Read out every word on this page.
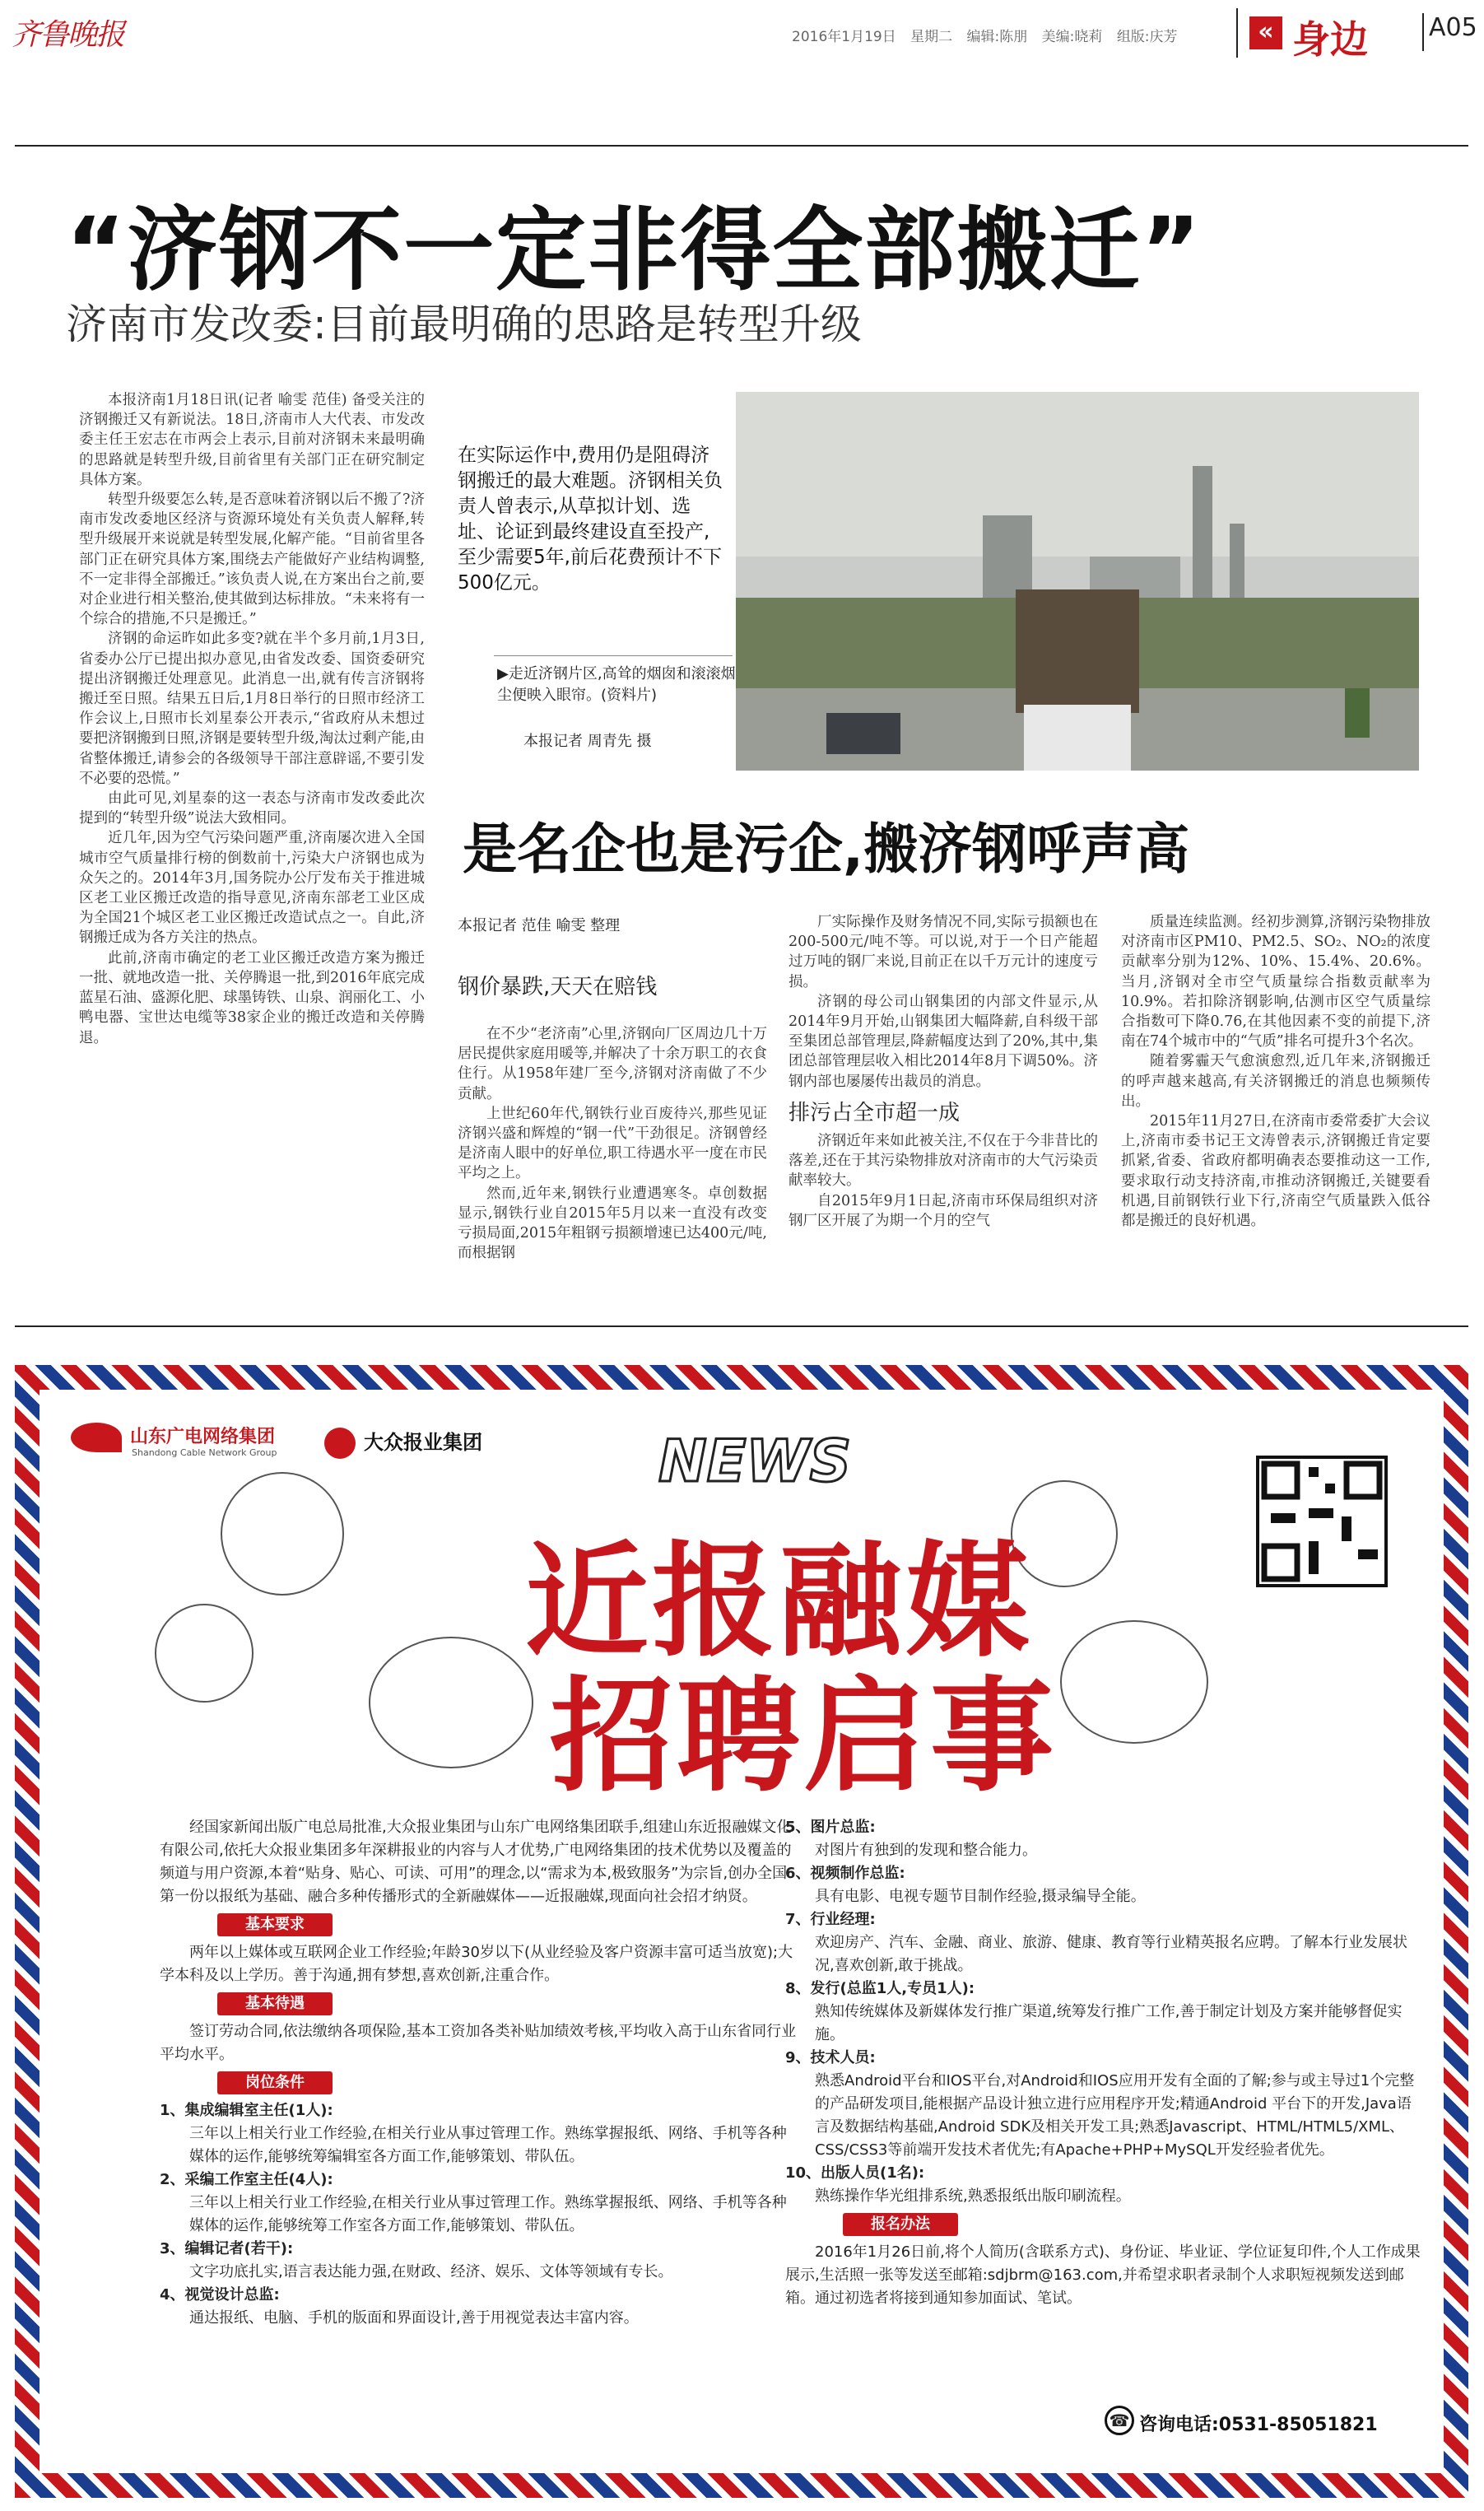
齐鲁晚报	2016年1月19日 星期二 编辑:陈朋 美编:晓莉 组版:庆芳	« 身边 A05
“济钢不一定非得全部搬迁”
济南市发改委:目前最明确的思路是转型升级

本报济南1月18日讯(记者 喻雯 范佳) 备受关注的济钢搬迁又有新说法。18日,济南市人大代表、市发改委主任王宏志在市两会上表示,目前对济钢未来最明确的思路就是转型升级,目前省里有关部门正在研究制定具体方案。

转型升级要怎么转,是否意味着济钢以后不搬了?济南市发改委地区经济与资源环境处有关负责人解释,转型升级展开来说就是转型发展,化解产能。“目前省里各部门正在研究具体方案,围绕去产能做好产业结构调整,不一定非得全部搬迁。”该负责人说,在方案出台之前,要对企业进行相关整治,使其做到达标排放。“未来将有一个综合的措施,不只是搬迁。”

济钢的命运昨如此多变?就在半个多月前,1月3日,省委办公厅已提出拟办意见,由省发改委、国资委研究提出济钢搬迁处理意见。此消息一出,就有传言济钢将搬迁至日照。结果五日后,1月8日举行的日照市经济工作会议上,日照市长刘星泰公开表示,“省政府从未想过要把济钢搬到日照,济钢是要转型升级,淘汰过剩产能,由省整体搬迁,请参会的各级领导干部注意辟谣,不要引发不必要的恐慌。”

由此可见,刘星泰的这一表态与济南市发改委此次提到的“转型升级”说法大致相同。

近几年,因为空气污染问题严重,济南屡次进入全国城市空气质量排行榜的倒数前十,污染大户济钢也成为众矢之的。2014年3月,国务院办公厅发布关于推进城区老工业区搬迁改造的指导意见,济南东部老工业区成为全国21个城区老工业区搬迁改造试点之一。自此,济钢搬迁成为各方关注的热点。

此前,济南市确定的老工业区搬迁改造方案为搬迁一批、就地改造一批、关停腾退一批,到2016年底完成蓝星石油、盛源化肥、球墨铸铁、山泉、润丽化工、小鸭电器、宝世达电缆等38家企业的搬迁改造和关停腾退。

在实际运作中,费用仍是阻碍济钢搬迁的最大难题。济钢相关负责人曾表示,从草拟计划、选址、论证到最终建设直至投产,至少需要5年,前后花费预计不下500亿元。
▶走近济钢片区,高耸的烟囱和滚滚烟尘便映入眼帘。(资料片)
本报记者 周青先 摄
是名企也是污企,搬济钢呼声高
本报记者 范佳 喻雯 整理
钢价暴跌,天天在赔钱

在不少“老济南”心里,济钢向厂区周边几十万居民提供家庭用暖等,并解决了十余万职工的衣食住行。从1958年建厂至今,济钢对济南做了不少贡献。

上世纪60年代,钢铁行业百废待兴,那些见证济钢兴盛和辉煌的“钢一代”干劲很足。济钢曾经是济南人眼中的好单位,职工待遇水平一度在市民平均之上。

然而,近年来,钢铁行业遭遇寒冬。卓创数据显示,钢铁行业自2015年5月以来一直没有改变亏损局面,2015年粗钢亏损额增速已达400元/吨,而根据钢

厂实际操作及财务情况不同,实际亏损额也在200-500元/吨不等。可以说,对于一个日产能超过万吨的钢厂来说,目前正在以千万元计的速度亏损。

济钢的母公司山钢集团的内部文件显示,从2014年9月开始,山钢集团大幅降薪,自科级干部至集团总部管理层,降薪幅度达到了20%,其中,集团总部管理层收入相比2014年8月下调50%。济钢内部也屡屡传出裁员的消息。

排污占全市超一成

济钢近年来如此被关注,不仅在于今非昔比的落差,还在于其污染物排放对济南市的大气污染贡献率较大。

自2015年9月1日起,济南市环保局组织对济钢厂区开展了为期一个月的空气

质量连续监测。经初步测算,济钢污染物排放对济南市区PM10、PM2.5、SO₂、NO₂的浓度贡献率分别为12%、10%、15.4%、20.6%。当月,济钢对全市空气质量综合指数贡献率为10.9%。若扣除济钢影响,估测市区空气质量综合指数可下降0.76,在其他因素不变的前提下,济南在74个城市中的“气质”排名可提升3个名次。

随着雾霾天气愈演愈烈,近几年来,济钢搬迁的呼声越来越高,有关济钢搬迁的消息也频频传出。

2015年11月27日,在济南市委常委扩大会议上,济南市委书记王文涛曾表示,济钢搬迁肯定要抓紧,省委、省政府都明确表态要推动这一工作,要求取行动支持济南,市推动济钢搬迁,关键要看机遇,目前钢铁行业下行,济南空气质量跌入低谷都是搬迁的良好机遇。

山东广电网络集团
Shandong Cable Network Group	大众报业集团	NEWS
近报融媒
招聘启事

经国家新闻出版广电总局批准,大众报业集团与山东广电网络集团联手,组建山东近报融媒文化有限公司,依托大众报业集团多年深耕报业的内容与人才优势,广电网络集团的技术优势以及覆盖的频道与用户资源,本着“贴身、贴心、可读、可用”的理念,以“需求为本,极致服务”为宗旨,创办全国第一份以报纸为基础、融合多种传播形式的全新融媒体——近报融媒,现面向社会招才纳贤。

基本要求

两年以上媒体或互联网企业工作经验;年龄30岁以下(从业经验及客户资源丰富可适当放宽);大学本科及以上学历。善于沟通,拥有梦想,喜欢创新,注重合作。

基本待遇

签订劳动合同,依法缴纳各项保险,基本工资加各类补贴加绩效考核,平均收入高于山东省同行业平均水平。

岗位条件

1、集成编辑室主任(1人):

三年以上相关行业工作经验,在相关行业从事过管理工作。熟练掌握报纸、网络、手机等各种媒体的运作,能够统筹编辑室各方面工作,能够策划、带队伍。

2、采编工作室主任(4人):

三年以上相关行业工作经验,在相关行业从事过管理工作。熟练掌握报纸、网络、手机等各种媒体的运作,能够统筹工作室各方面工作,能够策划、带队伍。

3、编辑记者(若干):

文字功底扎实,语言表达能力强,在财政、经济、娱乐、文体等领域有专长。

4、视觉设计总监:

通达报纸、电脑、手机的版面和界面设计,善于用视觉表达丰富内容。

5、图片总监:

对图片有独到的发现和整合能力。

6、视频制作总监:

具有电影、电视专题节目制作经验,摄录编导全能。

7、行业经理:

欢迎房产、汽车、金融、商业、旅游、健康、教育等行业精英报名应聘。了解本行业发展状况,喜欢创新,敢于挑战。

8、发行(总监1人,专员1人):

熟知传统媒体及新媒体发行推广渠道,统筹发行推广工作,善于制定计划及方案并能够督促实施。

9、技术人员:

熟悉Android平台和IOS平台,对Android和IOS应用开发有全面的了解;参与或主导过1个完整的产品研发项目,能根据产品设计独立进行应用程序开发;精通Android 平台下的开发,Java语言及数据结构基础,Android SDK及相关开发工具;熟悉Javascript、HTML/HTML5/XML、CSS/CSS3等前端开发技术者优先;有Apache+PHP+MySQL开发经验者优先。

10、出版人员(1名):

熟练操作华光组排系统,熟悉报纸出版印刷流程。

报名办法

2016年1月26日前,将个人简历(含联系方式)、身份证、毕业证、学位证复印件,个人工作成果展示,生活照一张等发送至邮箱:sdjbrm@163.com,并希望求职者录制个人求职短视频发送到邮箱。通过初选者将接到通知参加面试、笔试。

☎ 咨询电话:0531-85051821
